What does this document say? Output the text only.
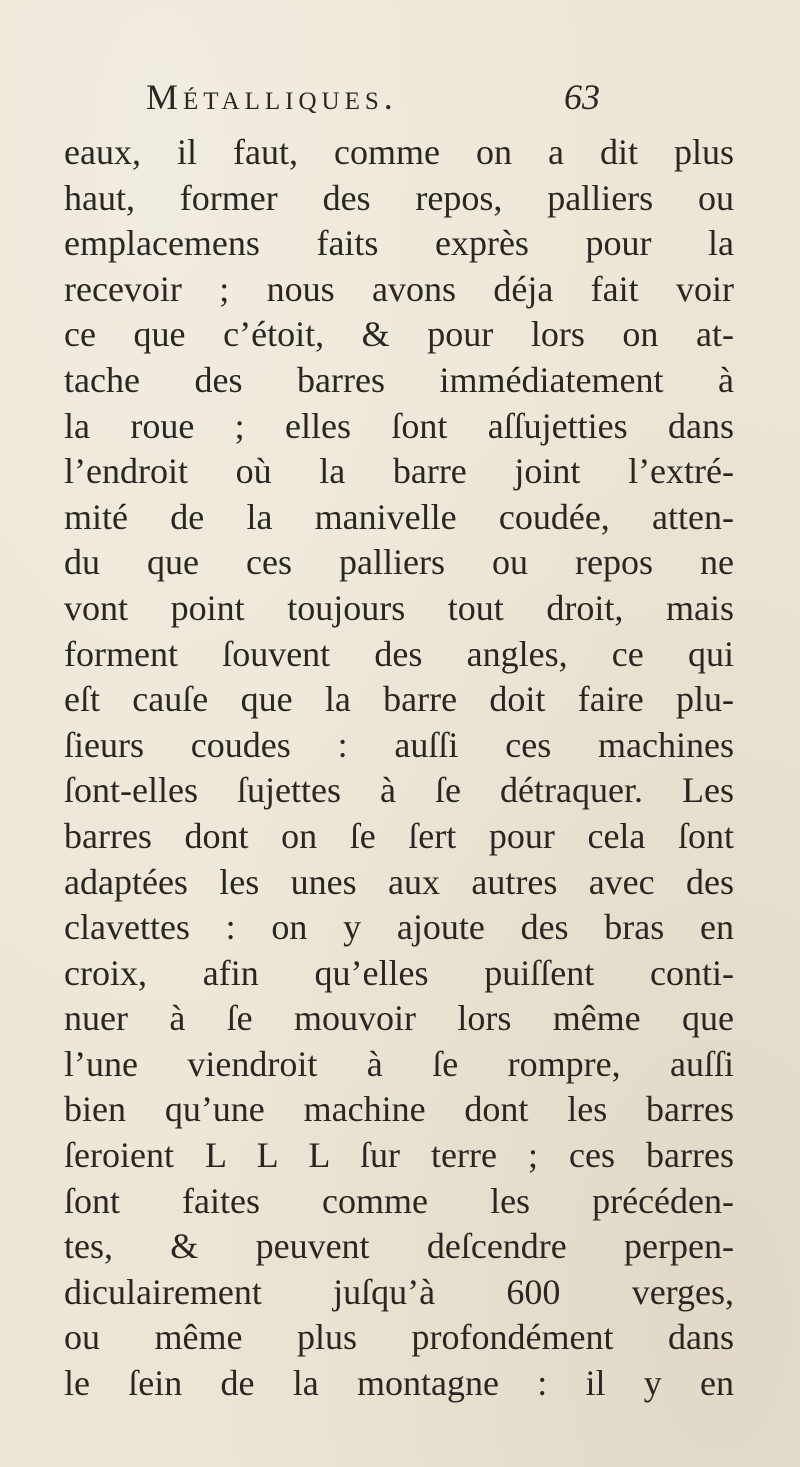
Métalliques.	63
eaux, il faut, comme on a dit plus
haut, former des repos, palliers ou
emplacemens faits exprès pour la
recevoir ; nous avons déja fait voir
ce que c’étoit, & pour lors on at-
tache des barres immédiatement à
la roue ; elles ſont aſſujetties dans
l’endroit où la barre joint l’extré-
mité de la manivelle coudée, atten-
du que ces palliers ou repos ne
vont point toujours tout droit, mais
forment ſouvent des angles, ce qui
eſt cauſe que la barre doit faire plu-
ſieurs coudes : auſſi ces machines
ſont-elles ſujettes à ſe détraquer. Les
barres dont on ſe ſert pour cela ſont
adaptées les unes aux autres avec des
clavettes : on y ajoute des bras en
croix, afin qu’elles puiſſent conti-
nuer à ſe mouvoir lors même que
l’une viendroit à ſe rompre, auſſi
bien qu’une machine dont les barres
ſeroient L L L ſur terre ; ces barres
ſont faites comme les précéden-
tes, & peuvent deſcendre perpen-
diculairement juſqu’à 600 verges,
ou même plus profondément dans
le ſein de la montagne : il y en
